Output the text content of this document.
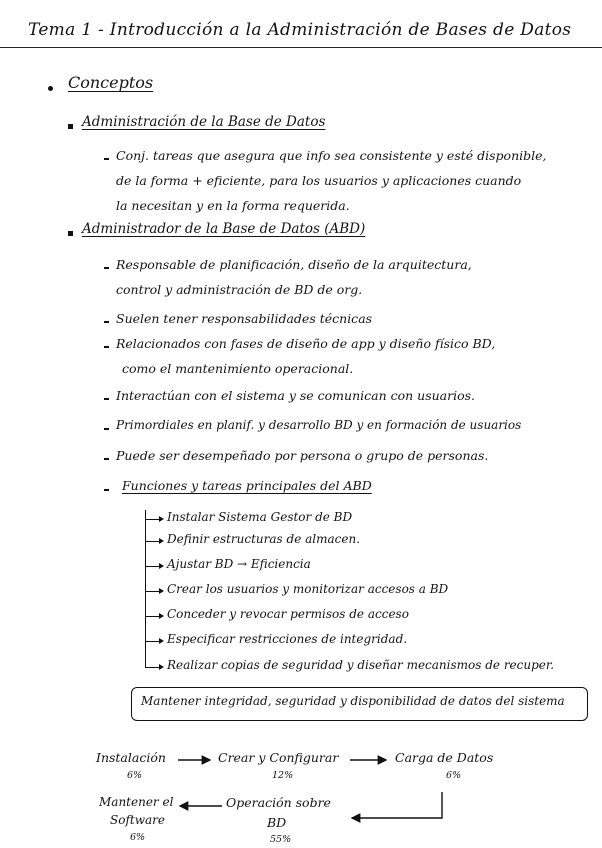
Tema 1 - Introducción a la Administración de Bases de Datos
Conceptos
Administración de la Base de Datos
Conj. tareas que asegura que info sea consistente y esté disponible,
de la forma + eficiente, para los usuarios y aplicaciones cuando
la necesitan y en la forma requerida.
Administrador de la Base de Datos (ABD)
Responsable de planificación, diseño de la arquitectura,
control y administración de BD de org.
Suelen tener responsabilidades técnicas
Relacionados con fases de diseño de app y diseño físico BD,
como el mantenimiento operacional.
Interactúan con el sistema y se comunican con usuarios.
Primordiales en planif. y desarrollo BD y en formación de usuarios
Puede ser desempeñado por persona o grupo de personas.
Funciones y tareas principales del ABD
Instalar Sistema Gestor de BD
Definir estructuras de almacen.
Ajustar BD → Eficiencia
Crear los usuarios y monitorizar accesos a BD
Conceder y revocar permisos de acceso
Especificar restricciones de integridad.
Realizar copias de seguridad y diseñar mecanismos de recuper.
Mantener integridad, seguridad y disponibilidad de datos del sistema
Instalación
6%
Crear y Configurar
12%
Carga de Datos
6%
Operación sobre
BD
55%
Mantener el
Software
6%
